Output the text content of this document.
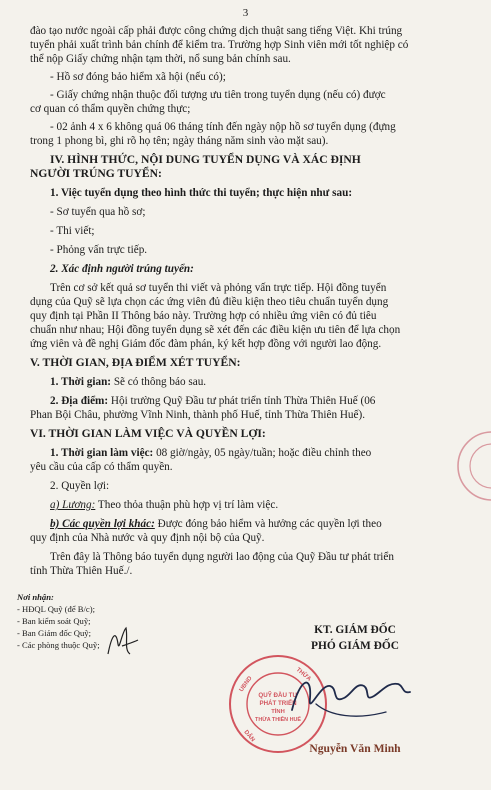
3
đào tạo nước ngoài cấp phải được công chứng dịch thuật sang tiếng Việt. Khi trúng
tuyển phải xuất trình bản chính để kiểm tra. Trường hợp Sinh viên mới tốt nghiệp có
thể nộp Giấy chứng nhận tạm thời, nổ sung bản chính sau.
- Hồ sơ đóng bảo hiểm xã hội (nếu có);
- Giấy chứng nhận thuộc đối tượng ưu tiên trong tuyển dụng (nếu có) được
cơ quan có thẩm quyền chứng thực;
- 02 ảnh 4 x 6 không quá 06 tháng tính đến ngày nộp hồ sơ tuyển dụng (đựng
trong 1 phong bì, ghi rõ họ tên; ngày tháng năm sinh vào mặt sau).
IV. HÌNH THỨC, NỘI DUNG TUYỂN DỤNG VÀ XÁC ĐỊNH
NGƯỜI TRÚNG TUYỂN:
1. Việc tuyển dụng theo hình thức thi tuyển; thực hiện như sau:
- Sơ tuyển qua hồ sơ;
- Thi viết;
- Phỏng vấn trực tiếp.
2. Xác định người trúng tuyển:
Trên cơ sở kết quả sơ tuyển thi viết và phỏng vấn trực tiếp. Hội đồng tuyển
dụng của Quỹ sẽ lựa chọn các ứng viên đủ điều kiện theo tiêu chuẩn tuyển dụng
quy định tại Phần II Thông báo này. Trường hợp có nhiều ứng viên có đủ tiêu
chuẩn như nhau; Hội đồng tuyển dụng sẽ xét đến các điều kiện ưu tiên để lựa chọn
ứng viên và đề nghị Giám đốc đàm phán, ký kết hợp đồng với người lao động.
V. THỜI GIAN, ĐỊA ĐIỂM XÉT TUYỂN:
1. Thời gian: Sẽ có thông báo sau.
2. Địa điểm: Hội trường Quỹ Đầu tư phát triển tỉnh Thừa Thiên Huế (06
Phan Bội Châu, phường Vĩnh Ninh, thành phố Huế, tỉnh Thừa Thiên Huế).
VI. THỜI GIAN LÀM VIỆC VÀ QUYỀN LỢI:
1. Thời gian làm việc: 08 giờ/ngày, 05 ngày/tuần; hoặc điều chỉnh theo
yêu cầu của cấp có thẩm quyền.
2. Quyền lợi:
a) Lương: Theo thỏa thuận phù hợp vị trí làm việc.
b) Các quyền lợi khác: Được đóng bảo hiểm và hưởng các quyền lợi theo
quy định của Nhà nước và quy định nội bộ của Quỹ.
Trên đây là Thông báo tuyển dụng người lao động của Quỹ Đầu tư phát triển
tỉnh Thừa Thiên Huế./.
Nơi nhận:
- HĐQL Quỹ (để B/c);
- Ban kiểm soát Quỹ;
- Ban Giám đốc Quỹ;
- Các phòng thuộc Quỹ;
KT. GIÁM ĐỐC
PHÓ GIÁM ĐỐC
QUỸ ĐẦU TƯ
PHÁT TRIỂN
TỈNH
THỪA THIÊN HUẾ
UBND
THỪA
DÂN
Nguyễn Văn Minh
